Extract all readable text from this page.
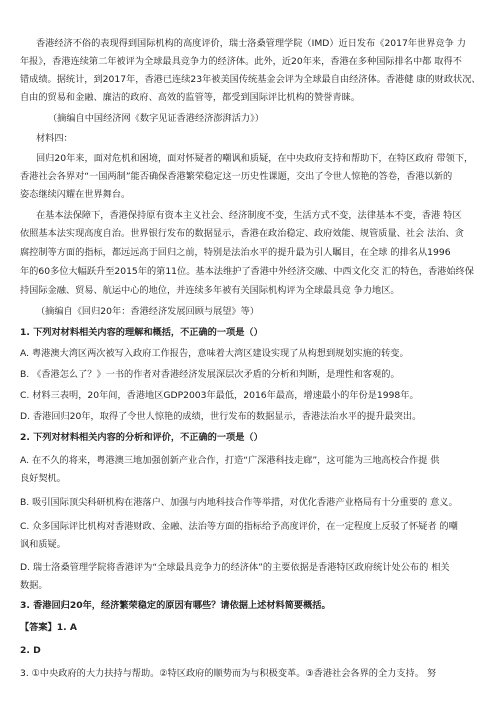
香港经济不俗的表现得到国际机构的高度评价，瑞士洛桑管理学院（IMD）近日发布《2017年世界竞争 力
年报》，香港连续第二年被评为全球最具竞争力的经济体。此外，近20年来，香港在多种国际排名中都 取得不
错成绩。据统计，到2017年，香港已连续23年被美国传统基金会评为全球最自由经济体。香港健 康的财政状况、
自由的贸易和金融、廉洁的政府、高效的监管等，都受到国际评比机构的赞誉青睐。
（摘编自中国经济网《数字见证香港经济澎湃活力》）
材料四：
回归20年来，面对危机和困境，面对怀疑者的嘲讽和质疑，在中央政府支持和帮助下，在特区政府 带领下，
香港社会各界对“一国两制”能否确保香港繁荣稳定这一历史性课题，交出了令世人惊艳的答卷，香港以新的
姿态继续闪耀在世界舞台。
在基本法保障下，香港保持原有资本主义社会、经济制度不变，生活方式不变，法律基本不变，香港 特区
依照基本法实现高度自治。世界银行发布的数据显示，香港在政治稳定、政府效能、规管质量、社会 法治、贪
腐控制等方面的指标，都远远高于回归之前，特别是法治水平的提升最为引人瞩目，在全球 的排名从1996
年的60多位大幅跃升至2015年的第11位。基本法维护了香港中外经济交融、中西文化交 汇的特色，香港始终保
持国际金融、贸易、航运中心的地位，并连续多年被有关国际机构评为全球最具竞 争力地区。
（摘编自《回归20年：香港经济发展回顾与展望》等）
1. 下列对材料相关内容的理解和概括，不正确的一项是（）
A. 粤港澳大湾区两次被写入政府工作报告，意味着大湾区建设实现了从构想到规划实施的转变。
B. 《香港怎么了？》一书的作者对香港经济发展深层次矛盾的分析和判断，是理性和客观的。
C. 材料三表明，20年间，香港地区GDP2003年最低，2016年最高，增速最小的年份是1998年。
D. 香港回归20年，取得了令世人惊艳的成绩，世行发布的数据显示，香港法治水平的提升最突出。
2. 下列对材料相关内容的分析和评价，不正确的一项是（）
A. 在不久的将来，粤港澳三地加强创新产业合作，打造“广深港科技走廊”，这可能为三地高校合作提 供
良好契机。
B. 吸引国际顶尖科研机构在港落户、加强与内地科技合作等举措，对优化香港产业格局有十分重要的 意义。
C. 众多国际评比机构对香港财政、金融、法治等方面的指标给予高度评价，在一定程度上反驳了怀疑者 的嘲
讽和质疑。
D. 瑞士洛桑管理学院将香港评为“全球最具竞争力的经济体”的主要依据是香港特区政府统计处公布的 相关
数据。
3. 香港回归20年，经济繁荣稳定的原因有哪些？请依据上述材料简要概括。
【答案】1. A
2. D
3. ①中央政府的大力扶持与帮助。②特区政府的顺势而为与积极变革。③香港社会各界的全力支持。 努
